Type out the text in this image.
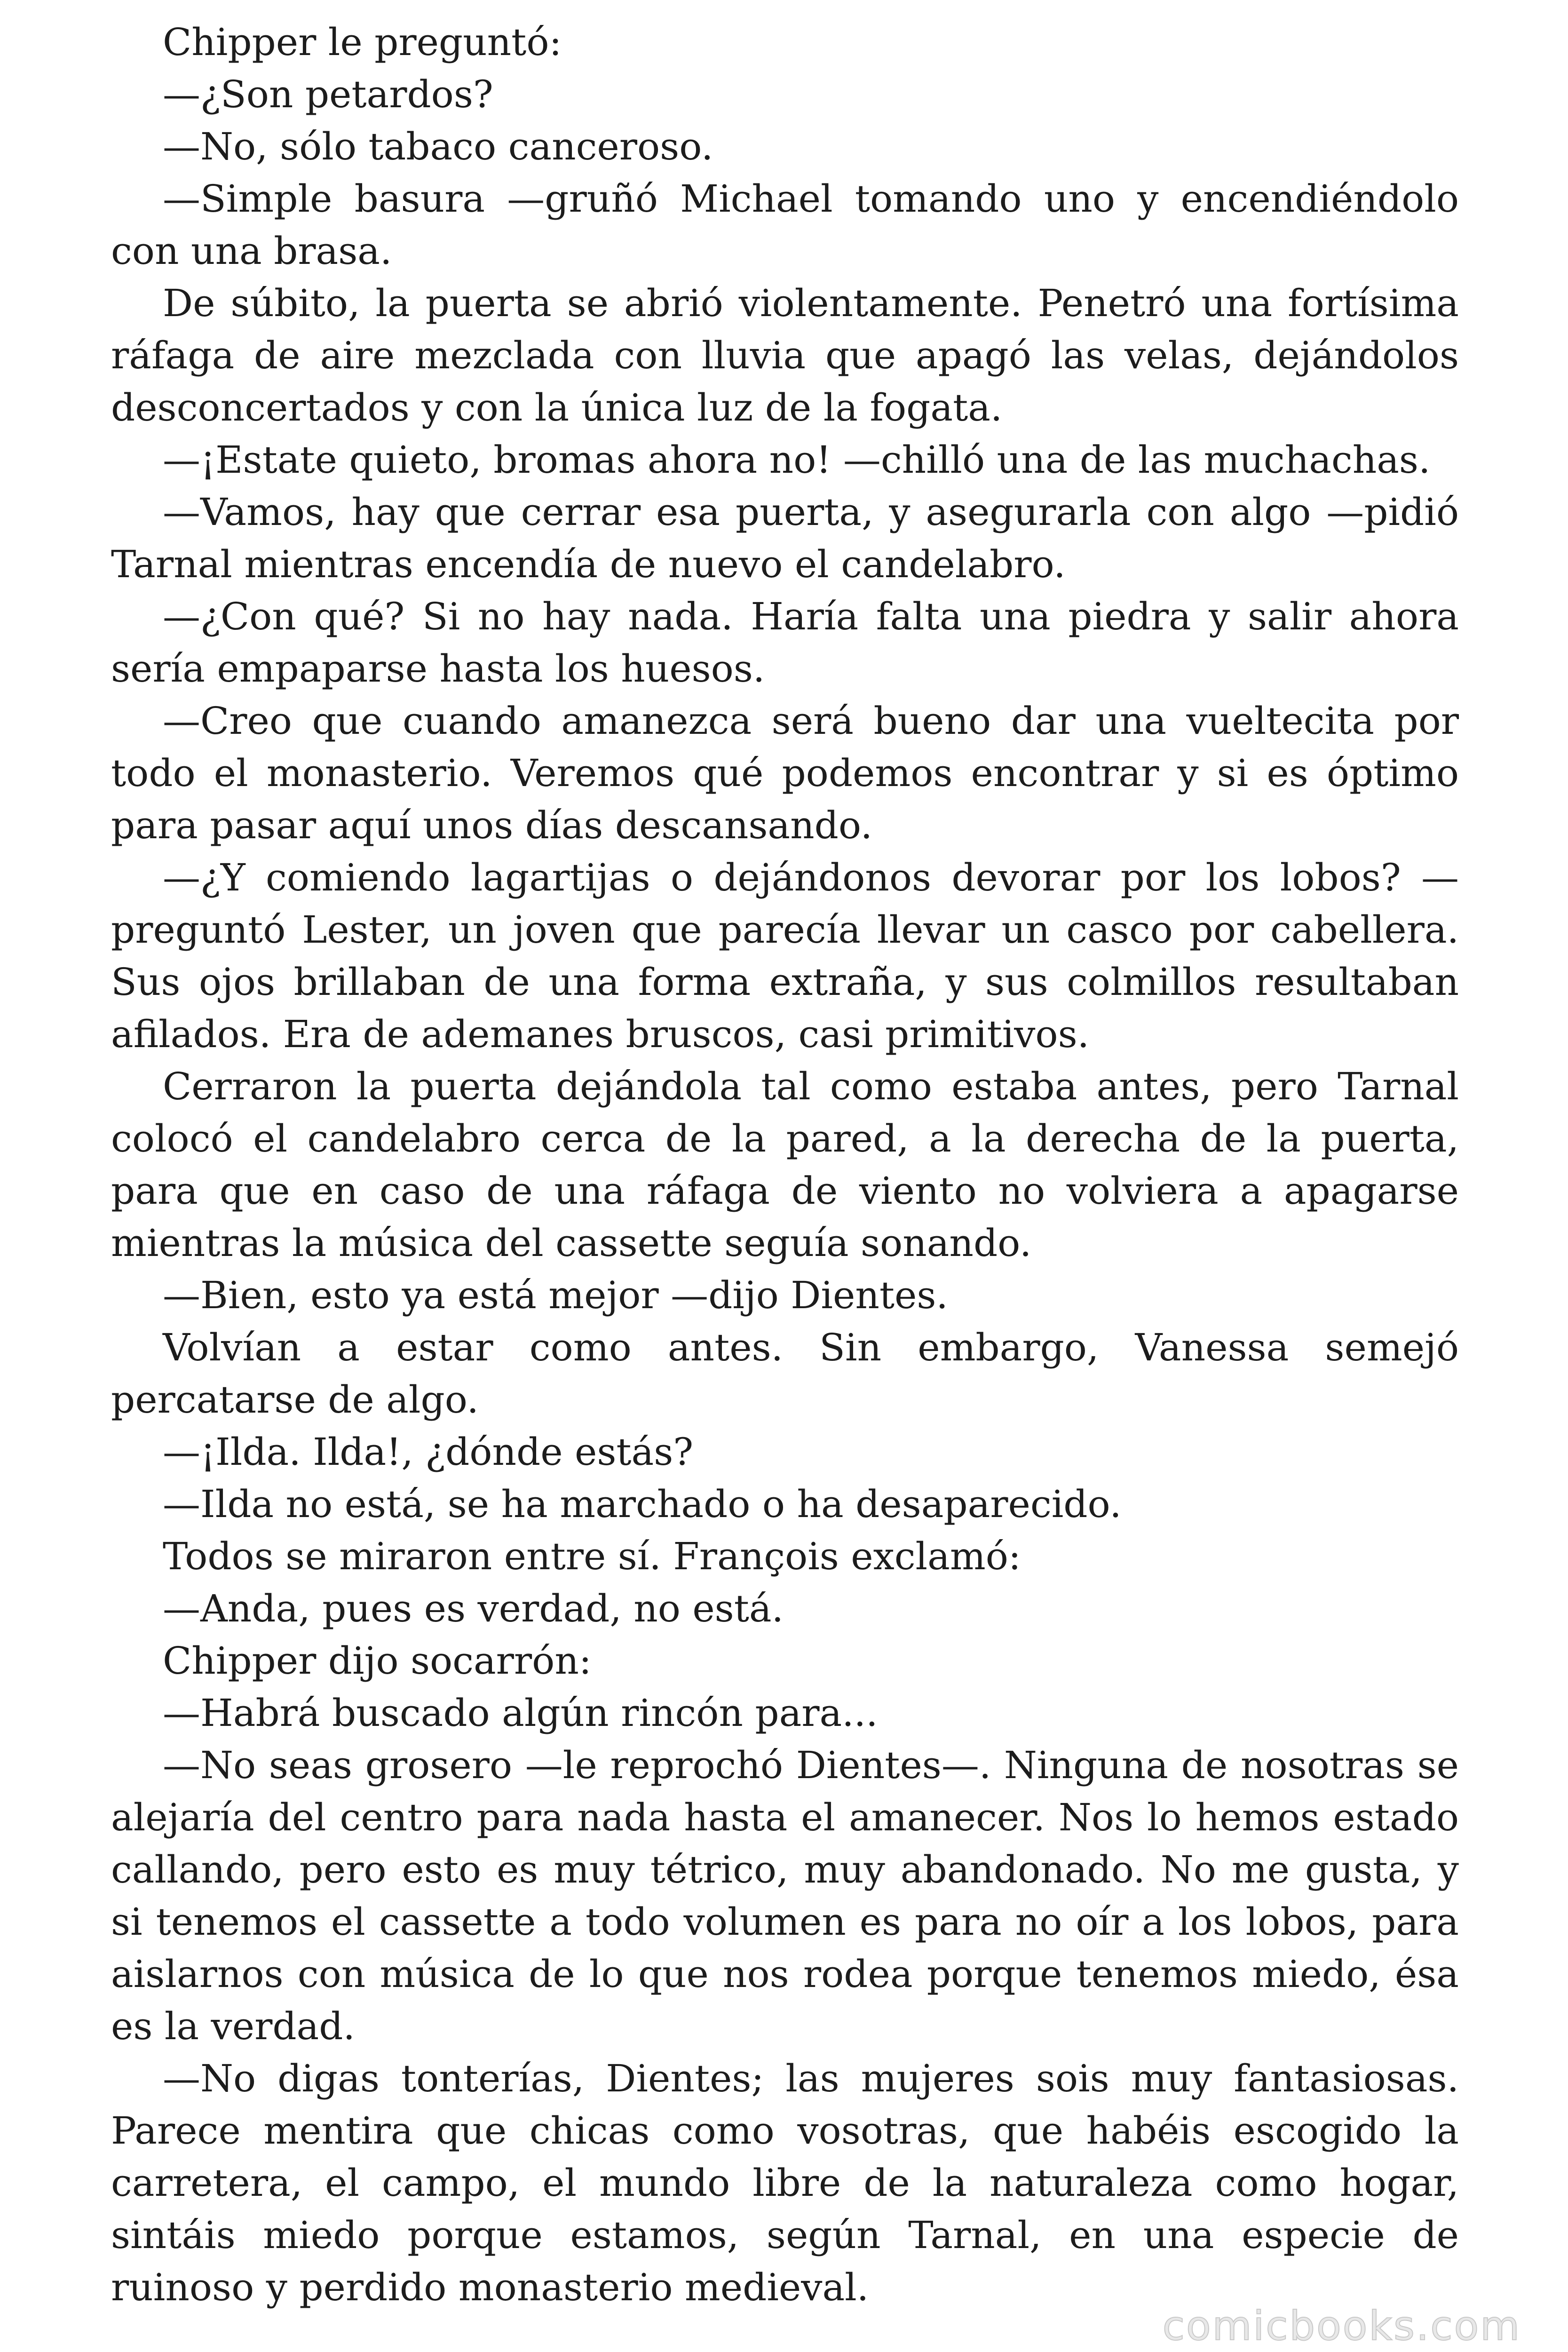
Chipper le preguntó:

—¿Son petardos?

—No, sólo tabaco canceroso.

—Simple basura —gruñó Michael tomando uno y encendiéndolo con una brasa.

De súbito, la puerta se abrió violentamente. Penetró una fortísima ráfaga de aire mezclada con lluvia que apagó las velas, dejándolos desconcertados y con la única luz de la fogata.

—¡Estate quieto, bromas ahora no! —chilló una de las muchachas.

—Vamos, hay que cerrar esa puerta, y asegurarla con algo —pidió Tarnal mientras encendía de nuevo el candelabro.

—¿Con qué? Si no hay nada. Haría falta una piedra y salir ahora sería empaparse hasta los huesos.

—Creo que cuando amanezca será bueno dar una vueltecita por todo el monasterio. Veremos qué podemos encontrar y si es óptimo para pasar aquí unos días descansando.

—¿Y comiendo lagartijas o dejándonos devorar por los lobos? —preguntó Lester, un joven que parecía llevar un casco por cabellera. Sus ojos brillaban de una forma extraña, y sus colmillos resultaban afilados. Era de ademanes bruscos, casi primitivos.

Cerraron la puerta dejándola tal como estaba antes, pero Tarnal colocó el candelabro cerca de la pared, a la derecha de la puerta, para que en caso de una ráfaga de viento no volviera a apagarse mientras la música del cassette seguía sonando.

—Bien, esto ya está mejor —dijo Dientes.

Volvían a estar como antes. Sin embargo, Vanessa semejó percatarse de algo.

—¡Ilda. Ilda!, ¿dónde estás?

—Ilda no está, se ha marchado o ha desaparecido.

Todos se miraron entre sí. François exclamó:

—Anda, pues es verdad, no está.

Chipper dijo socarrón:

—Habrá buscado algún rincón para...

—No seas grosero —le reprochó Dientes—. Ninguna de nosotras se alejaría del centro para nada hasta el amanecer. Nos lo hemos estado callando, pero esto es muy tétrico, muy abandonado. No me gusta, y si tenemos el cassette a todo volumen es para no oír a los lobos, para aislarnos con música de lo que nos rodea porque tenemos miedo, ésa es la verdad.

—No digas tonterías, Dientes; las mujeres sois muy fantasiosas. Parece mentira que chicas como vosotras, que habéis escogido la carretera, el campo, el mundo libre de la naturaleza como hogar, sintáis miedo porque estamos, según Tarnal, en una especie de ruinoso y perdido monasterio medieval.

comicbooks.com
